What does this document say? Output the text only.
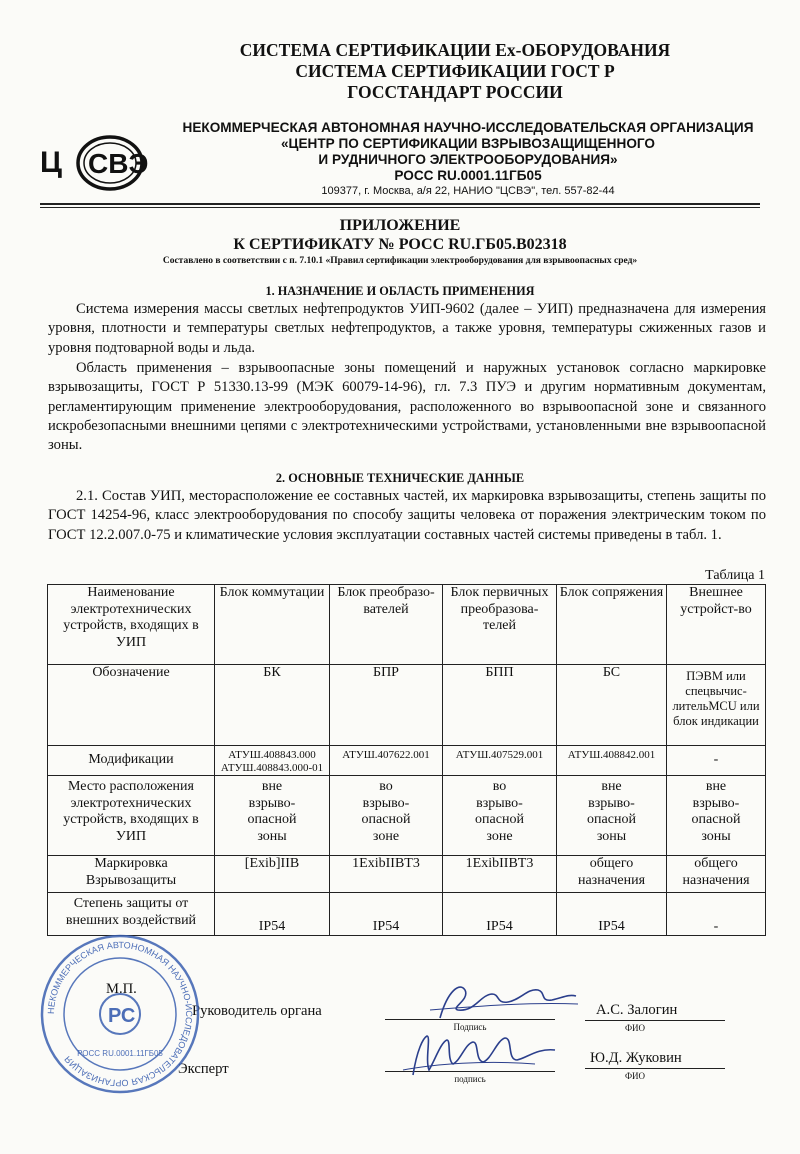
СИСТЕМА СЕРТИФИКАЦИИ Ex-ОБОРУДОВАНИЯ
СИСТЕМА СЕРТИФИКАЦИИ ГОСТ Р
ГОССТАНДАРТ РОССИИ
Ц СВЭ
НЕКОММЕРЧЕСКАЯ АВТОНОМНАЯ НАУЧНО-ИССЛЕДОВАТЕЛЬСКАЯ ОРГАНИЗАЦИЯ
«ЦЕНТР ПО СЕРТИФИКАЦИИ ВЗРЫВОЗАЩИЩЕННОГО
И РУДНИЧНОГО ЭЛЕКТРООБОРУДОВАНИЯ»
РОСС RU.0001.11ГБ05
109377, г. Москва, а/я 22, НАНИО "ЦСВЭ", тел. 557-82-44
ПРИЛОЖЕНИЕ
К СЕРТИФИКАТУ № РОСС RU.ГБ05.В02318
Составлено в соответствии с п. 7.10.1 «Правил сертификации электрооборудования для взрывоопасных сред»
1. НАЗНАЧЕНИЕ И ОБЛАСТЬ ПРИМЕНЕНИЯ
Система измерения массы светлых нефтепродуктов УИП-9602 (далее – УИП) предназначена для измерения уровня, плотности и температуры светлых нефтепродуктов, а также уровня, температуры сжиженных газов и уровня подтоварной воды и льда.
Область применения – взрывоопасные зоны помещений и наружных установок согласно маркировке взрывозащиты, ГОСТ Р 51330.13-99 (МЭК 60079-14-96), гл. 7.3 ПУЭ и другим нормативным документам, регламентирующим применение электрооборудования, расположенного во взрывоопасной зоне и связанного искробезопасными внешними цепями с электротехническими устройствами, установленными вне взрывоопасной зоны.
2. ОСНОВНЫЕ ТЕХНИЧЕСКИЕ ДАННЫЕ
2.1. Состав УИП, месторасположение ее составных частей, их маркировка взрывозащиты, степень защиты по ГОСТ 14254-96, класс электрооборудования по способу защиты человека от поражения электрическим током по ГОСТ 12.2.007.0-75 и климатические условия эксплуатации составных частей системы приведены в табл. 1.
Таблица 1
Наименование электротехнических устройств, входящих в УИП	Блок коммутации	Блок преобразо-вателей	Блок первичных преобразова-телей	Блок сопряжения	Внешнее устройст-во
Обозначение	БК	БПР	БПП	БС	ПЭВМ или спецвычис-лительMCU или блок индикации
Модификации	АТУШ.408843.000 АТУШ.408843.000-01	АТУШ.407622.001	АТУШ.407529.001	АТУШ.408842.001	-
Место расположения электротехнических устройств, входящих в УИП	вне взрыво-опасной зоны	во взрыво-опасной зоне	во взрыво-опасной зоне	вне взрыво-опасной зоны	вне взрыво-опасной зоны
Маркировка Взрывозащиты	[Exib]IIB	1ExibIIBT3	1ExibIIBT3	общего назначения	общего назначения
Степень защиты от внешних воздействий	IP54	IP54	IP54	IP54	-
Руководитель органа
Подпись
А.С. Залогин
ФИО
Эксперт
подпись
Ю.Д. Жуковин
ФИО
М.П.
НЕКОММЕРЧЕСКАЯ АВТОНОМНАЯ НАУЧНО-ИССЛЕДОВАТЕЛЬСКАЯ ОРГАНИЗАЦИЯ
РС
РОСС RU.0001.11ГБ05
